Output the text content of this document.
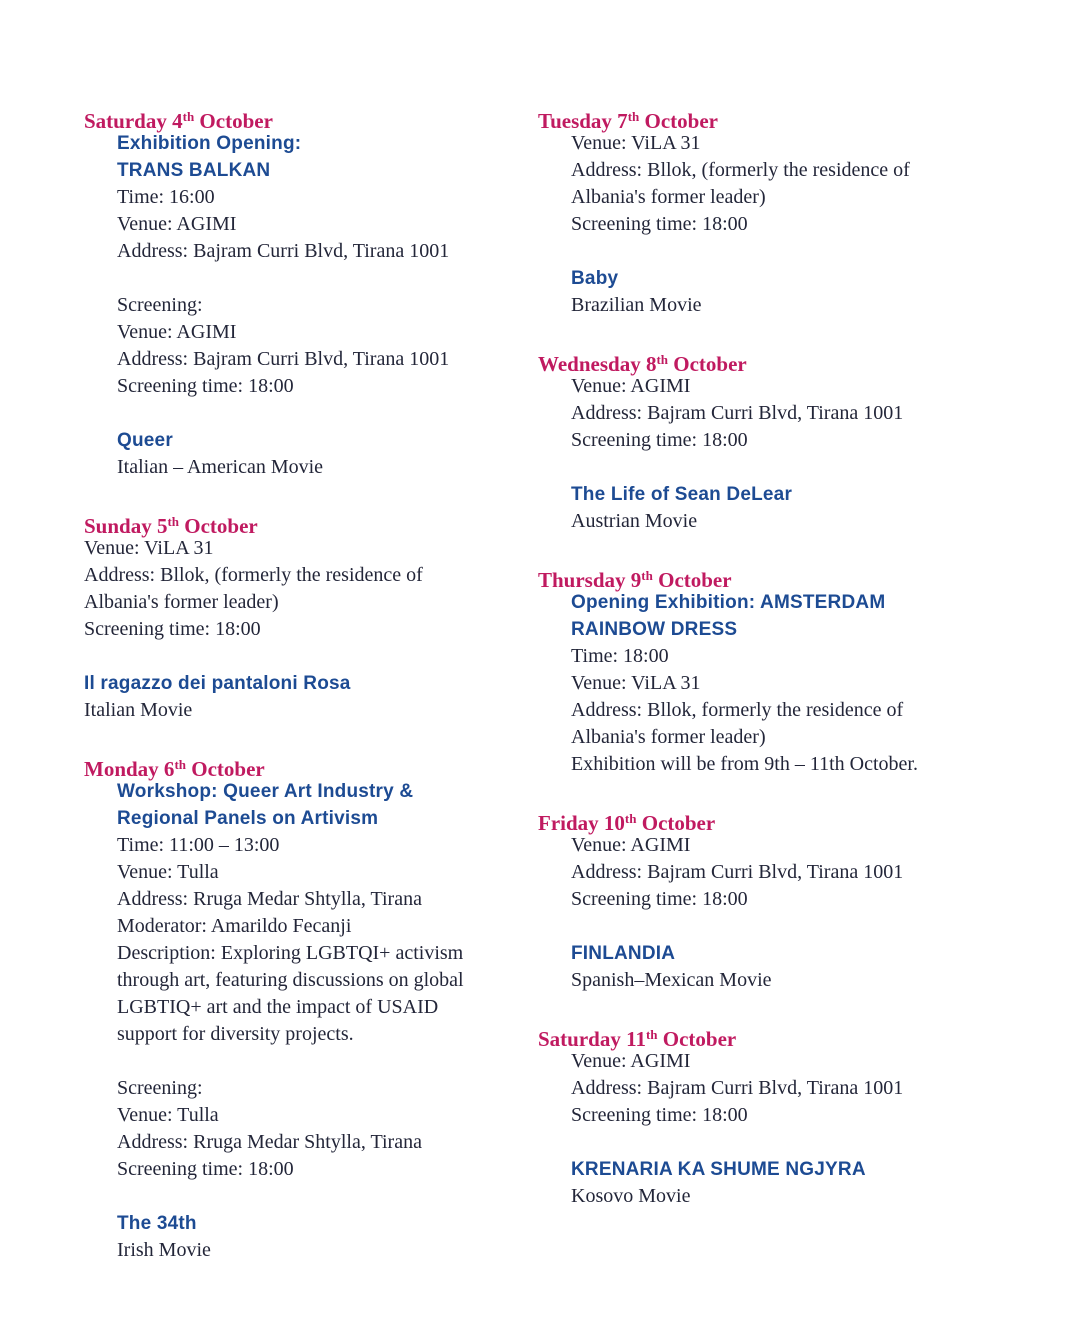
Saturday 4th October
Exhibition Opening:
TRANS BALKAN
Time: 16:00
Venue: AGIMI
Address: Bajram Curri Blvd, Tirana 1001
Screening:
Venue: AGIMI
Address: Bajram Curri Blvd, Tirana 1001
Screening time: 18:00
Queer
Italian – American Movie
Sunday 5th October
Venue: ViLA 31
Address: Bllok, (formerly the residence of
Albania's former leader)
Screening time: 18:00
Il ragazzo dei pantaloni Rosa
Italian Movie
Monday 6th October
Workshop: Queer Art Industry &
Regional Panels on Artivism
Time: 11:00 – 13:00
Venue: Tulla
Address: Rruga Medar Shtylla, Tirana
Moderator: Amarildo Fecanji
Description: Exploring LGBTQI+ activism
through art, featuring discussions on global
LGBTIQ+ art and the impact of USAID
support for diversity projects.
Screening:
Venue: Tulla
Address: Rruga Medar Shtylla, Tirana
Screening time: 18:00
The 34th
Irish Movie
Tuesday 7th October
Venue: ViLA 31
Address: Bllok, (formerly the residence of
Albania's former leader)
Screening time: 18:00
Baby
Brazilian Movie
Wednesday 8th October
Venue: AGIMI
Address: Bajram Curri Blvd, Tirana 1001
Screening time: 18:00
The Life of Sean DeLear
Austrian Movie
Thursday 9th October
Opening Exhibition: AMSTERDAM
RAINBOW DRESS
Time: 18:00
Venue: ViLA 31
Address: Bllok, formerly the residence of
Albania's former leader)
Exhibition will be from 9th – 11th October.
Friday 10th October
Venue: AGIMI
Address: Bajram Curri Blvd, Tirana 1001
Screening time: 18:00
FINLANDIA
Spanish–Mexican Movie
Saturday 11th October
Venue: AGIMI
Address: Bajram Curri Blvd, Tirana 1001
Screening time: 18:00
KRENARIA KA SHUME NGJYRA
Kosovo Movie
